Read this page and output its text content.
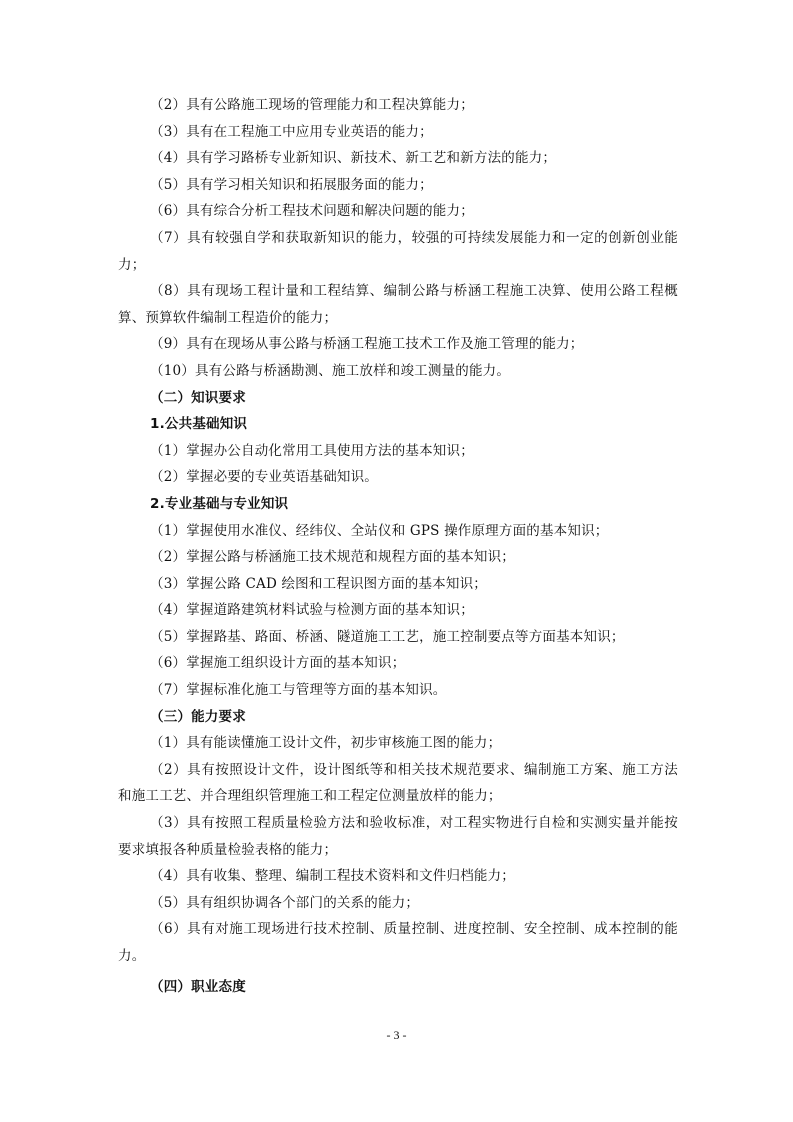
（2）具有公路施工现场的管理能力和工程决算能力；
（3）具有在工程施工中应用专业英语的能力；
（4）具有学习路桥专业新知识、新技术、新工艺和新方法的能力；
（5）具有学习相关知识和拓展服务面的能力；
（6）具有综合分析工程技术问题和解决问题的能力；
（7）具有较强自学和获取新知识的能力，较强的可持续发展能力和一定的创新创业能
力；
（8）具有现场工程计量和工程结算、编制公路与桥涵工程施工决算、使用公路工程概
算、预算软件编制工程造价的能力；
（9）具有在现场从事公路与桥涵工程施工技术工作及施工管理的能力；
（10）具有公路与桥涵勘测、施工放样和竣工测量的能力。
（二）知识要求
1.公共基础知识
（1）掌握办公自动化常用工具使用方法的基本知识；
（2）掌握必要的专业英语基础知识。
2.专业基础与专业知识
（1）掌握使用水准仪、经纬仪、全站仪和 GPS 操作原理方面的基本知识；
（2）掌握公路与桥涵施工技术规范和规程方面的基本知识；
（3）掌握公路 CAD 绘图和工程识图方面的基本知识；
（4）掌握道路建筑材料试验与检测方面的基本知识；
（5）掌握路基、路面、桥涵、隧道施工工艺，施工控制要点等方面基本知识；
（6）掌握施工组织设计方面的基本知识；
（7）掌握标准化施工与管理等方面的基本知识。
（三）能力要求
（1）具有能读懂施工设计文件，初步审核施工图的能力；
（2）具有按照设计文件，设计图纸等和相关技术规范要求、编制施工方案、施工方法
和施工工艺、并合理组织管理施工和工程定位测量放样的能力；
（3）具有按照工程质量检验方法和验收标准，对工程实物进行自检和实测实量并能按
要求填报各种质量检验表格的能力；
（4）具有收集、整理、编制工程技术资料和文件归档能力；
（5）具有组织协调各个部门的关系的能力；
（6）具有对施工现场进行技术控制、质量控制、进度控制、安全控制、成本控制的能
力。
（四）职业态度
- 3 -
